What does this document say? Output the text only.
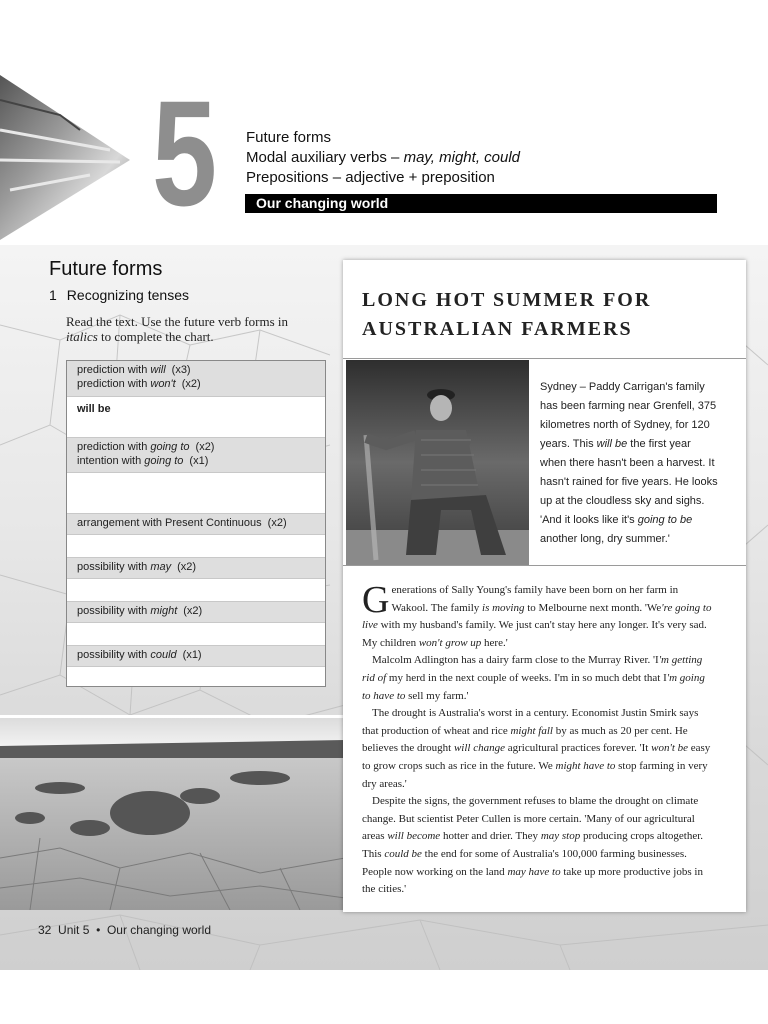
5 Future forms
Modal auxiliary verbs – may, might, could
Prepositions – adjective + preposition
Our changing world
Future forms
1 Recognizing tenses
Read the text. Use the future verb forms in italics to complete the chart.
prediction with will (x3)
prediction with won't (x2)
will be
prediction with going to (x2)
intention with going to (x1)
arrangement with Present Continuous (x2)
possibility with may (x2)
possibility with might (x2)
possibility with could (x1)
32 Unit 5 • Our changing world
LONG HOT SUMMER FOR AUSTRALIAN FARMERS
Sydney – Paddy Carrigan's family has been farming near Grenfell, 375 kilometres north of Sydney, for 120 years. This will be the first year when there hasn't been a harvest. It hasn't rained for five years. He looks up at the cloudless sky and sighs. 'And it looks like it's going to be another long, dry summer.'

Generations of Sally Young's family have been born on her farm in Wakool. The family is moving to Melbourne next month. 'We're going to live with my husband's family. We just can't stay here any longer. It's very sad. My children won't grow up here.'

Malcolm Adlington has a dairy farm close to the Murray River. 'I'm getting rid of my herd in the next couple of weeks. I'm in so much debt that I'm going to have to sell my farm.'

The drought is Australia's worst in a century. Economist Justin Smirk says that production of wheat and rice might fall by as much as 20 per cent. He believes the drought will change agricultural practices forever. 'It won't be easy to grow crops such as rice in the future. We might have to stop farming in very dry areas.'

Despite the signs, the government refuses to blame the drought on climate change. But scientist Peter Cullen is more certain. 'Many of our agricultural areas will become hotter and drier. They may stop producing crops altogether. This could be the end for some of Australia's 100,000 farming businesses. People now working on the land may have to take up more productive jobs in the cities.'
